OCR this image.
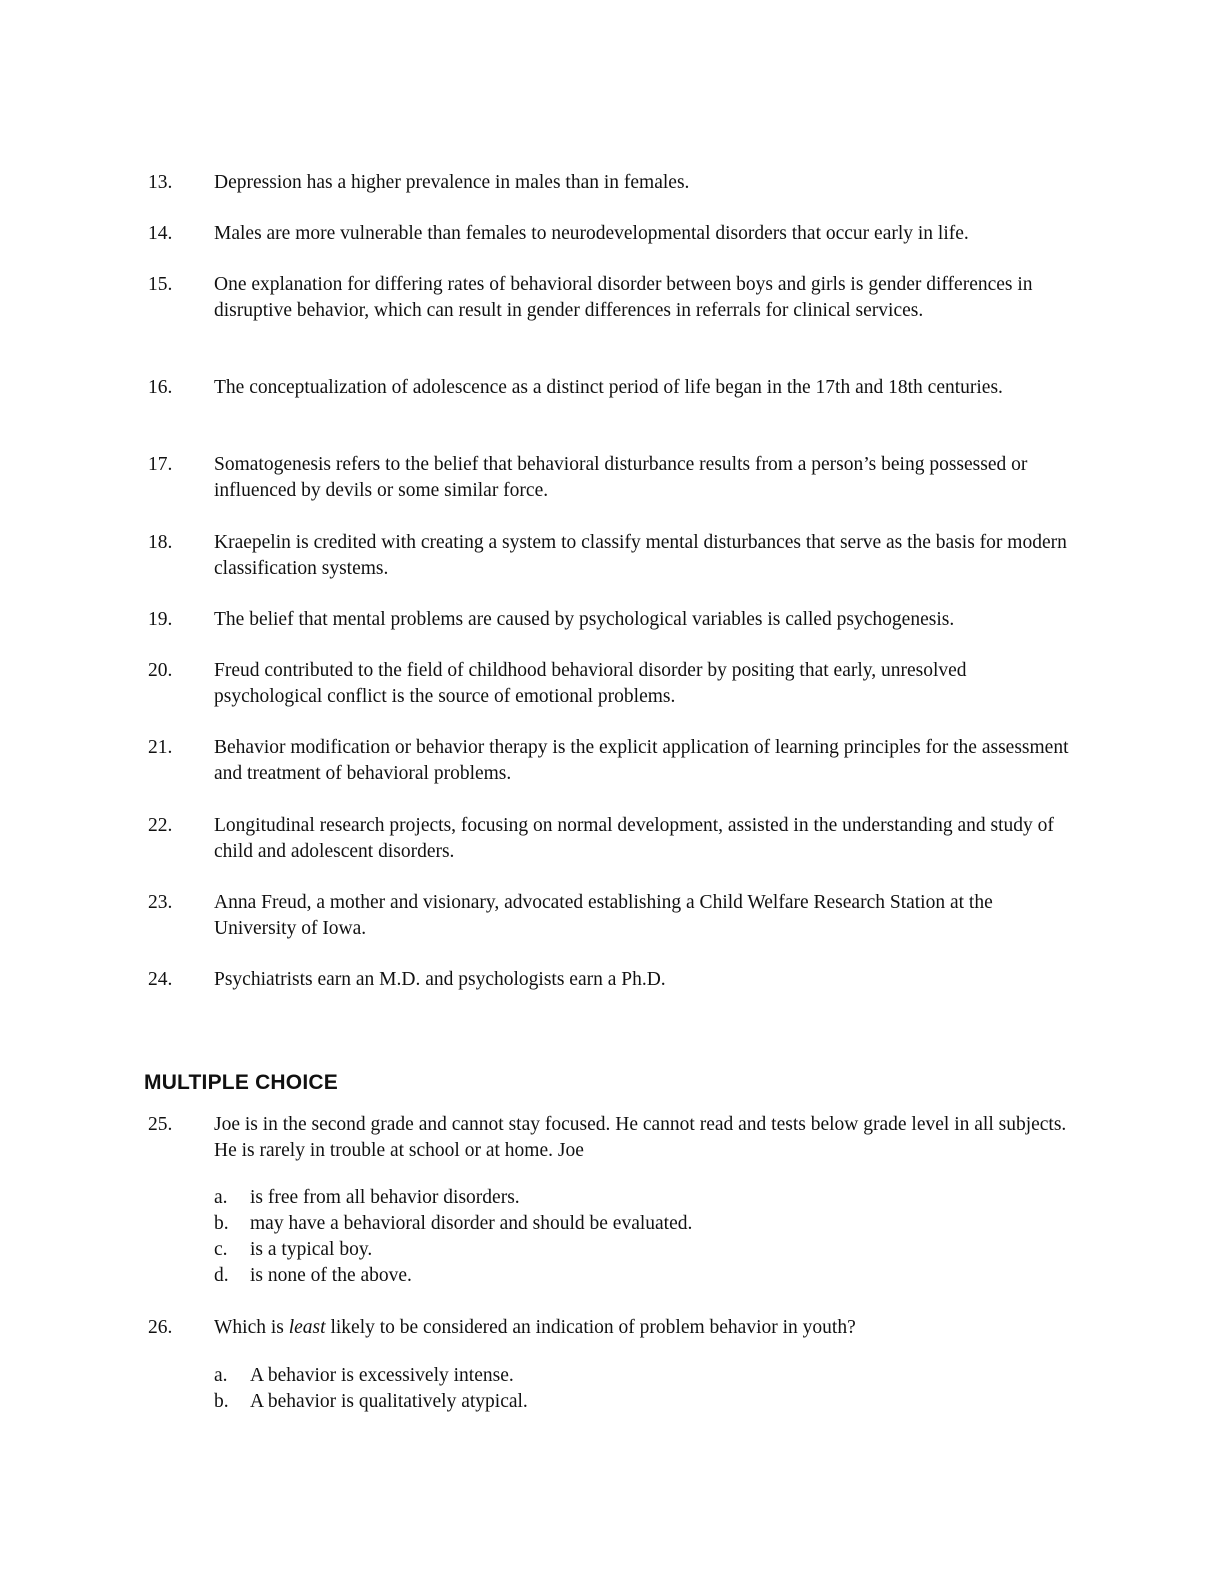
13.	Depression has a higher prevalence in males than in females.
14.	Males are more vulnerable than females to neurodevelopmental disorders that occur early in life.
15.	One explanation for differing rates of behavioral disorder between boys and girls is gender differences in disruptive behavior, which can result in gender differences in referrals for clinical services.
16.	The conceptualization of adolescence as a distinct period of life began in the 17th and 18th centuries.
17.	Somatogenesis refers to the belief that behavioral disturbance results from a person’s being possessed or influenced by devils or some similar force.
18.	Kraepelin is credited with creating a system to classify mental disturbances that serve as the basis for modern classification systems.
19.	The belief that mental problems are caused by psychological variables is called psychogenesis.
20.	Freud contributed to the field of childhood behavioral disorder by positing that early, unresolved psychological conflict is the source of emotional problems.
21.	Behavior modification or behavior therapy is the explicit application of learning principles for the assessment and treatment of behavioral problems.
22.	Longitudinal research projects, focusing on normal development, assisted in the understanding and study of child and adolescent disorders.
23.	Anna Freud, a mother and visionary, advocated establishing a Child Welfare Research Station at the University of Iowa.
24.	Psychiatrists earn an M.D. and psychologists earn a Ph.D.
MULTIPLE CHOICE
25.	Joe is in the second grade and cannot stay focused. He cannot read and tests below grade level in all subjects. He is rarely in trouble at school or at home. Joe
a. is free from all behavior disorders.
b. may have a behavioral disorder and should be evaluated.
c. is a typical boy.
d. is none of the above.
26.	Which is least likely to be considered an indication of problem behavior in youth?
a. A behavior is excessively intense.
b. A behavior is qualitatively atypical.
